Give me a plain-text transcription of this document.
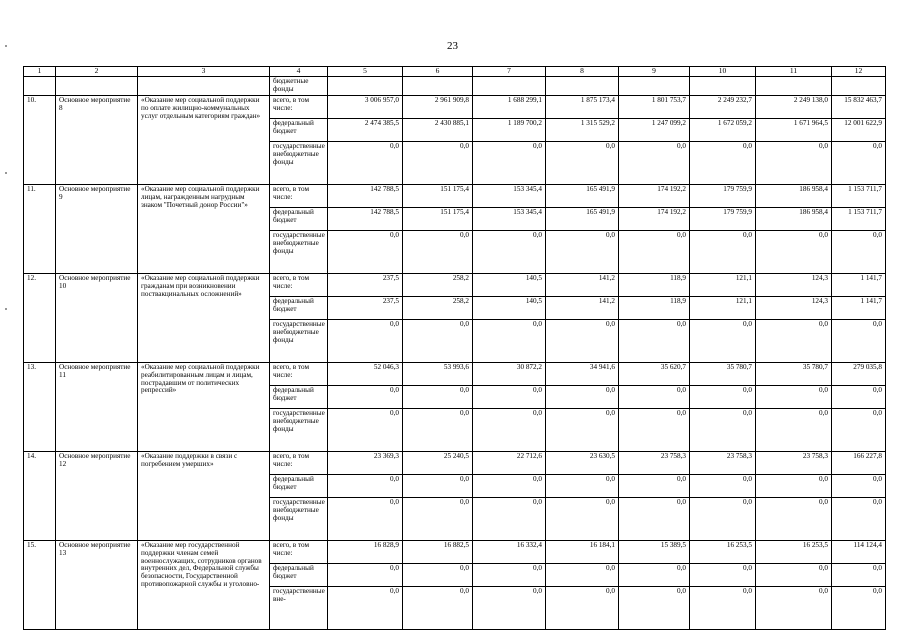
23
1	2	3	4	5	6	7	8	9	10	11	12
			бюджетные фонды								
10.	Основное мероприятие 8	«Оказание мер социальной поддержки по оплате жилищно-коммунальных услуг отдельным категориям граждан»	всего, в том числе:	3 006 957,0	2 961 909,8	1 688 299,1	1 875 173,4	1 801 753,7	2 249 232,7	2 249 138,0	15 832 463,7
			федеральный бюджет	2 474 385,5	2 430 885,1	1 189 700,2	1 315 529,2	1 247 099,2	1 672 059,2	1 671 964,5	12 001 622,9
			государственные внебюджетные фонды	0,0	0,0	0,0	0,0	0,0	0,0	0,0	0,0
11.	Основное мероприятие 9	«Оказание мер социальной поддержки лицам, награжденным нагрудным знаком "Почетный донор России"»	всего, в том числе:	142 788,5	151 175,4	153 345,4	165 491,9	174 192,2	179 759,9	186 958,4	1 153 711,7
			федеральный бюджет	142 788,5	151 175,4	153 345,4	165 491,9	174 192,2	179 759,9	186 958,4	1 153 711,7
			государственные внебюджетные фонды	0,0	0,0	0,0	0,0	0,0	0,0	0,0	0,0
12.	Основное мероприятие 10	«Оказание мер социальной поддержки гражданам при возникновении поствакцинальных осложнений»	всего, в том числе:	237,5	258,2	140,5	141,2	118,9	121,1	124,3	1 141,7
			федеральный бюджет	237,5	258,2	140,5	141,2	118,9	121,1	124,3	1 141,7
			государственные внебюджетные фонды	0,0	0,0	0,0	0,0	0,0	0,0	0,0	0,0
13.	Основное мероприятие 11	«Оказание мер социальной поддержки реабилитированным лицам и лицам, пострадавшим от политических репрессий»	всего, в том числе:	52 046,3	53 993,6	30 872,2	34 941,6	35 620,7	35 780,7	35 780,7	279 035,8
			федеральный бюджет	0,0	0,0	0,0	0,0	0,0	0,0	0,0	0,0
			государственные внебюджетные фонды	0,0	0,0	0,0	0,0	0,0	0,0	0,0	0,0
14.	Основное мероприятие 12	«Оказание поддержки в связи с погребением умерших»	всего, в том числе:	23 369,3	25 240,5	22 712,6	23 630,5	23 758,3	23 758,3	23 758,3	166 227,8
			федеральный бюджет	0,0	0,0	0,0	0,0	0,0	0,0	0,0	0,0
			государственные внебюджетные фонды	0,0	0,0	0,0	0,0	0,0	0,0	0,0	0,0
15.	Основное мероприятие 13	«Оказание мер государственной поддержки членам семей военнослужащих, сотрудников органов внутренних дел, Федеральной службы безопасности, Государственной противопожарной службы и уголовно-	всего, в том числе:	16 828,9	16 882,5	16 332,4	16 184,1	15 389,5	16 253,5	16 253,5	114 124,4
			федеральный бюджет	0,0	0,0	0,0	0,0	0,0	0,0	0,0	0,0
			государственные вне-	0,0	0,0	0,0	0,0	0,0	0,0	0,0	0,0
